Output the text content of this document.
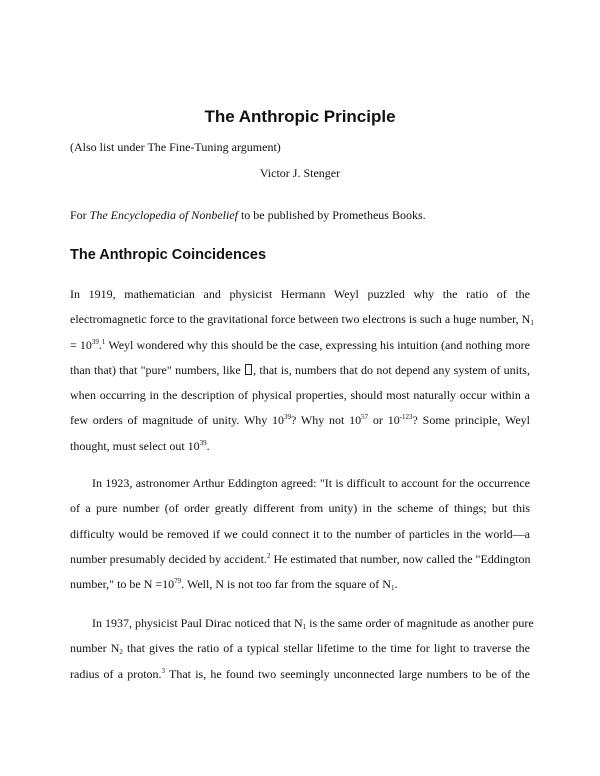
The Anthropic Principle

(Also list under The Fine-Tuning argument)

Victor J. Stenger

For The Encyclopedia of Nonbelief to be published by Prometheus Books.

The Anthropic Coincidences
In 1919, mathematician and physicist Hermann Weyl puzzled why the ratio of the
electromagnetic force to the gravitational force between two electrons is such a huge number, $N_1$
= $10^{39}.^1$ Weyl wondered why this should be the case, expressing his intuition (and nothing more
than that) that "pure" numbers, like , that is, numbers that do not depend any system of units,
when occurring in the description of physical properties, should most naturally occur within a
few orders of magnitude of unity. Why $10^{39}$? Why not $10^{57}$ or $10^{-123}$? Some principle, Weyl
thought, must select out $10^{39}$.
In 1923, astronomer Arthur Eddington agreed: "It is difficult to account for the occurrence
of a pure number (of order greatly different from unity) in the scheme of things; but this
difficulty would be removed if we could connect it to the number of particles in the world—a
number presumably decided by accident.$^2$ He estimated that number, now called the "Eddington
number," to be $N =10^{79}$. Well, N is not too far from the square of $N_1$.
In 1937, physicist Paul Dirac noticed that $N_1$ is the same order of magnitude as another pure
number $N_2$ that gives the ratio of a typical stellar lifetime to the time for light to traverse the
radius of a proton.$^3$ That is, he found two seemingly unconnected large numbers to be of the
